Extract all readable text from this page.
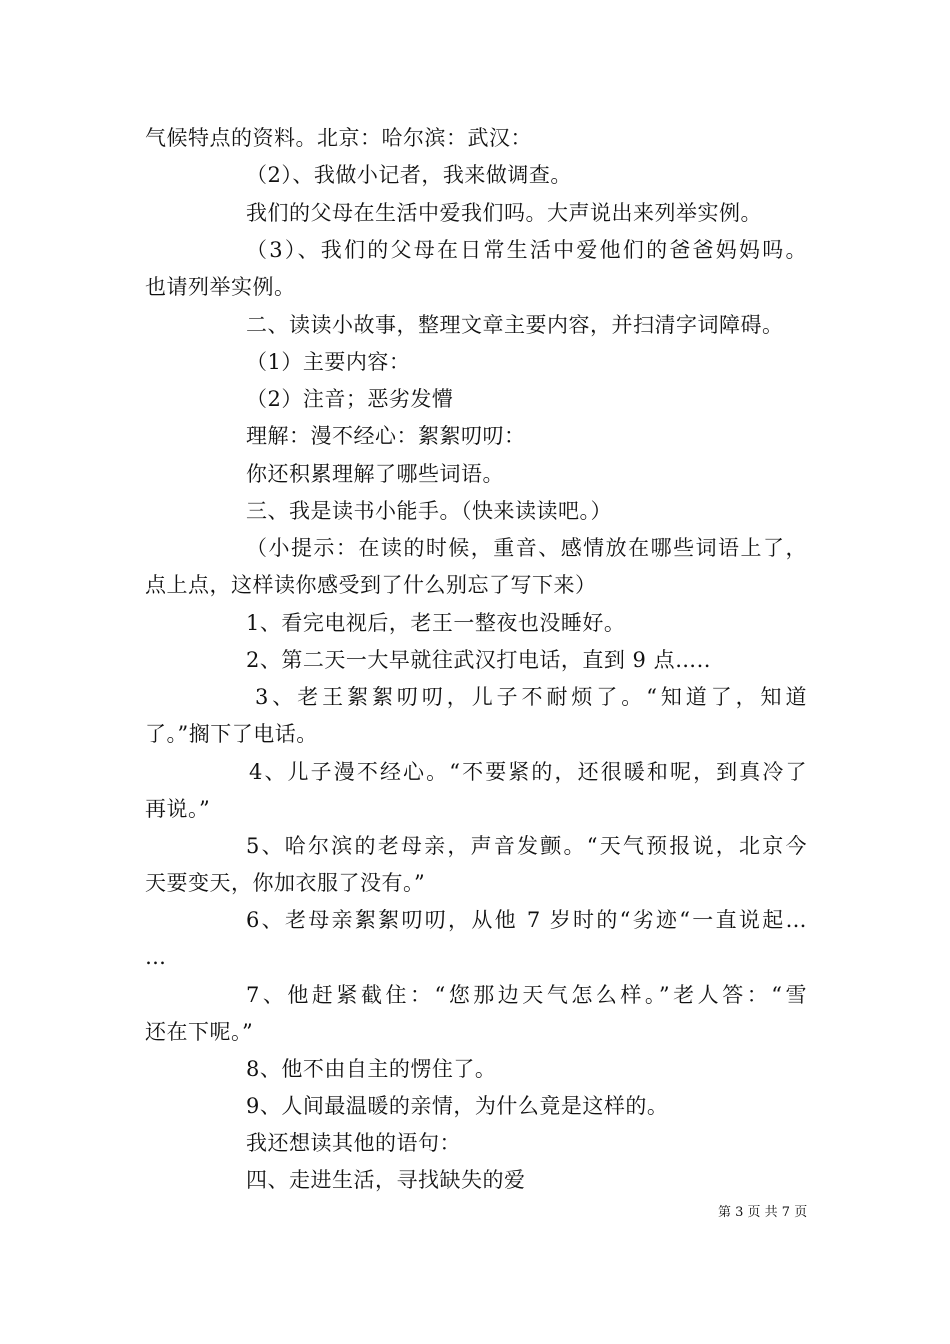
气候特点的资料。北京：哈尔滨：武汉：
（2）、我做小记者，我来做调查。
我们的父母在生活中爱我们吗。大声说出来列举实例。
（3）、我们的父母在日常生活中爱他们的爸爸妈妈吗。
也请列举实例。
二、读读小故事，整理文章主要内容，并扫清字词障碍。
（1）主要内容：
（2）注音；恶劣发懵
理解：漫不经心：絮絮叨叨：
你还积累理解了哪些词语。
三、我是读书小能手。（快来读读吧。）
（小提示：在读的时候，重音、感情放在哪些词语上了，
点上点，这样读你感受到了什么别忘了写下来）
1、看完电视后，老王一整夜也没睡好。
2、第二天一大早就往武汉打电话，直到 9 点…..
3、老王絮絮叨叨，儿子不耐烦了。“知道了，知道
了。”搁下了电话。
4、儿子漫不经心。“不要紧的，还很暖和呢，到真冷了
再说。”
5、哈尔滨的老母亲，声音发颤。“天气预报说，北京今
天要变天，你加衣服了没有。”
6、老母亲絮絮叨叨，从他 7 岁时的“劣迹“一直说起…
…
7、他赶紧截住：“您那边天气怎么样。”老人答：“雪
还在下呢。”
8、他不由自主的愣住了。
9、人间最温暖的亲情，为什么竟是这样的。
我还想读其他的语句：
四、走进生活，寻找缺失的爱
第 3 页 共 7 页
